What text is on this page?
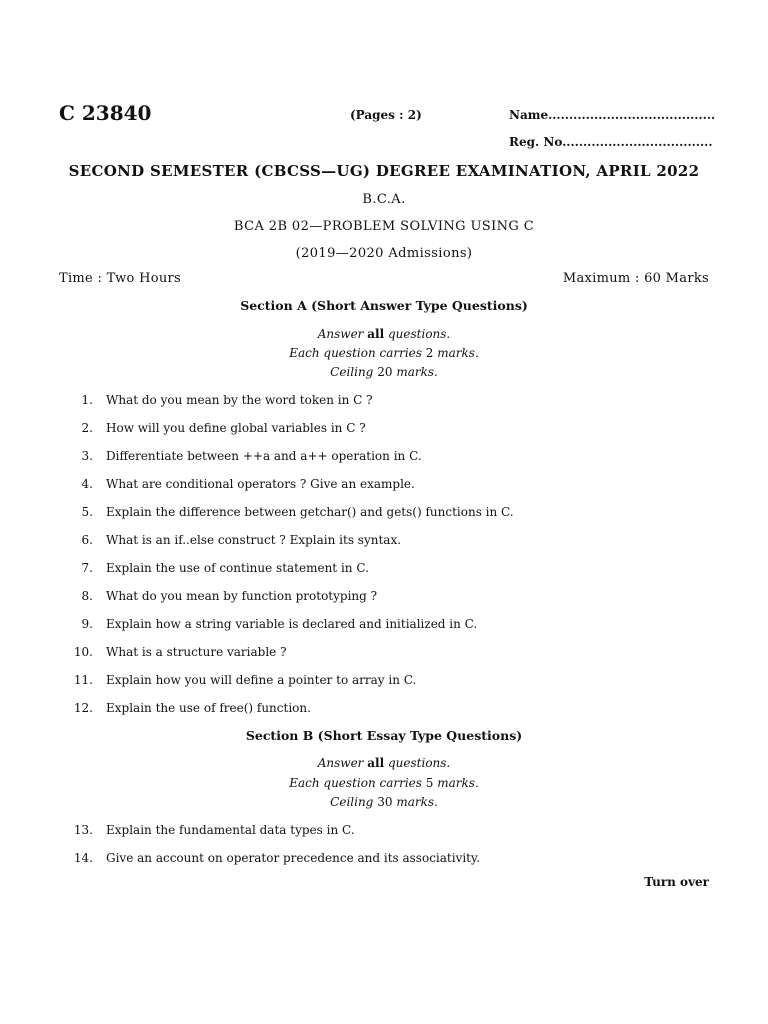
C 23840	(Pages : 2)	Name........................................
Reg. No....................................
SECOND SEMESTER (CBCSS—UG) DEGREE EXAMINATION, APRIL 2022
B.C.A.
BCA 2B 02—PROBLEM SOLVING USING C
(2019—2020 Admissions)
Time : Two Hours	Maximum : 60 Marks
Section A (Short Answer Type Questions)
Answer all questions.
Each question carries 2 marks.
Ceiling 20 marks.
1. What do you mean by the word token in C ?
2. How will you define global variables in C ?
3. Differentiate between ++a and a++ operation in C.
4. What are conditional operators ? Give an example.
5. Explain the difference between getchar() and gets() functions in C.
6. What is an if..else construct ? Explain its syntax.
7. Explain the use of continue statement in C.
8. What do you mean by function prototyping ?
9. Explain how a string variable is declared and initialized in C.
10. What is a structure variable ?
11. Explain how you will define a pointer to array in C.
12. Explain the use of free() function.
Section B (Short Essay Type Questions)
Answer all questions.
Each question carries 5 marks.
Ceiling 30 marks.
13. Explain the fundamental data types in C.
14. Give an account on operator precedence and its associativity.
Turn over
